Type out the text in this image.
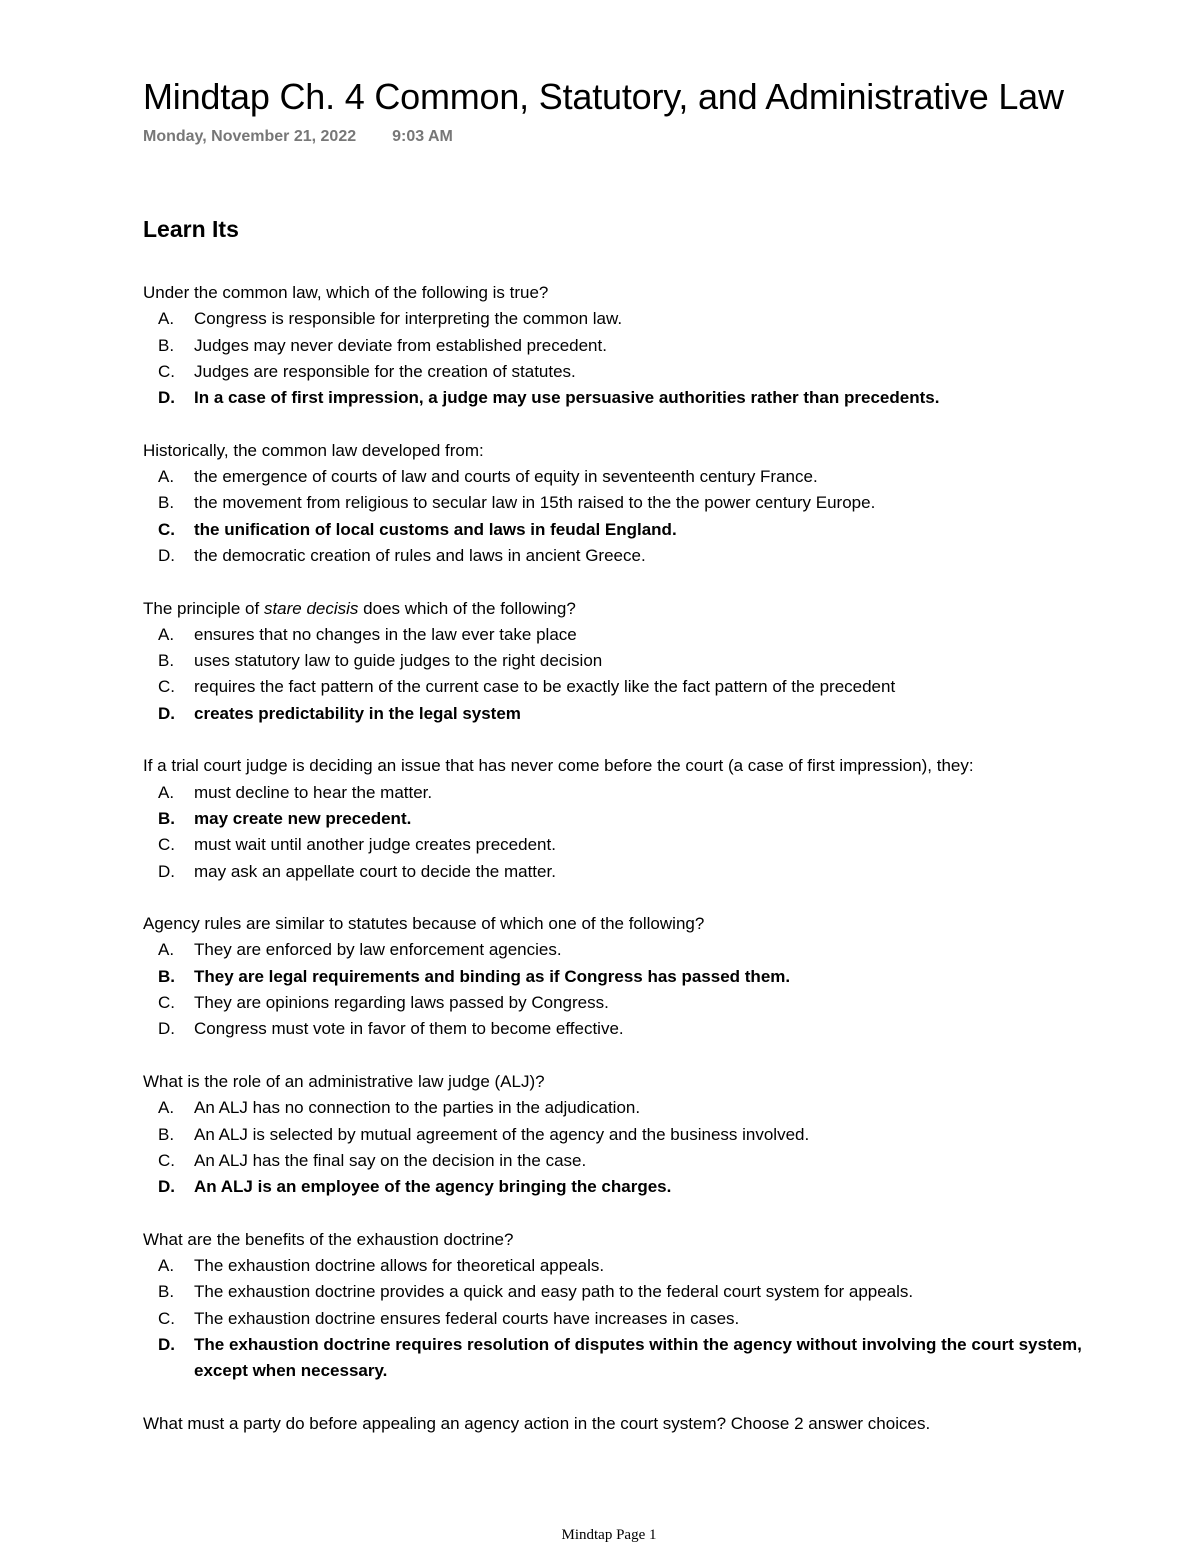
Mindtap Ch. 4 Common, Statutory, and Administrative Law
Monday, November 21, 2022 9:03 AM
Learn Its

Under the common law, which of the following is true?

A.	Congress is responsible for interpreting the common law.
B.	Judges may never deviate from established precedent.
C.	Judges are responsible for the creation of statutes.
D.	In a case of first impression, a judge may use persuasive authorities rather than precedents.

Historically, the common law developed from:

A.	the emergence of courts of law and courts of equity in seventeenth century France.
B.	the movement from religious to secular law in 15th raised to the the power century Europe.
C.	the unification of local customs and laws in feudal England.
D.	the democratic creation of rules and laws in ancient Greece.

The principle of stare decisis does which of the following?

A.	ensures that no changes in the law ever take place
B.	uses statutory law to guide judges to the right decision
C.	requires the fact pattern of the current case to be exactly like the fact pattern of the precedent
D.	creates predictability in the legal system

If a trial court judge is deciding an issue that has never come before the court (a case of first impression), they:

A.	must decline to hear the matter.
B.	may create new precedent.
C.	must wait until another judge creates precedent.
D.	may ask an appellate court to decide the matter.

Agency rules are similar to statutes because of which one of the following?

A.	They are enforced by law enforcement agencies.
B.	They are legal requirements and binding as if Congress has passed them.
C.	They are opinions regarding laws passed by Congress.
D.	Congress must vote in favor of them to become effective.

What is the role of an administrative law judge (ALJ)?

A.	An ALJ has no connection to the parties in the adjudication.
B.	An ALJ is selected by mutual agreement of the agency and the business involved.
C.	An ALJ has the final say on the decision in the case.
D.	An ALJ is an employee of the agency bringing the charges.

What are the benefits of the exhaustion doctrine?

A.	The exhaustion doctrine allows for theoretical appeals.
B.	The exhaustion doctrine provides a quick and easy path to the federal court system for appeals.
C.	The exhaustion doctrine ensures federal courts have increases in cases.
D.	The exhaustion doctrine requires resolution of disputes within the agency without involving the court system, except when necessary.

What must a party do before appealing an agency action in the court system? Choose 2 answer choices.

Mindtap Page 1
